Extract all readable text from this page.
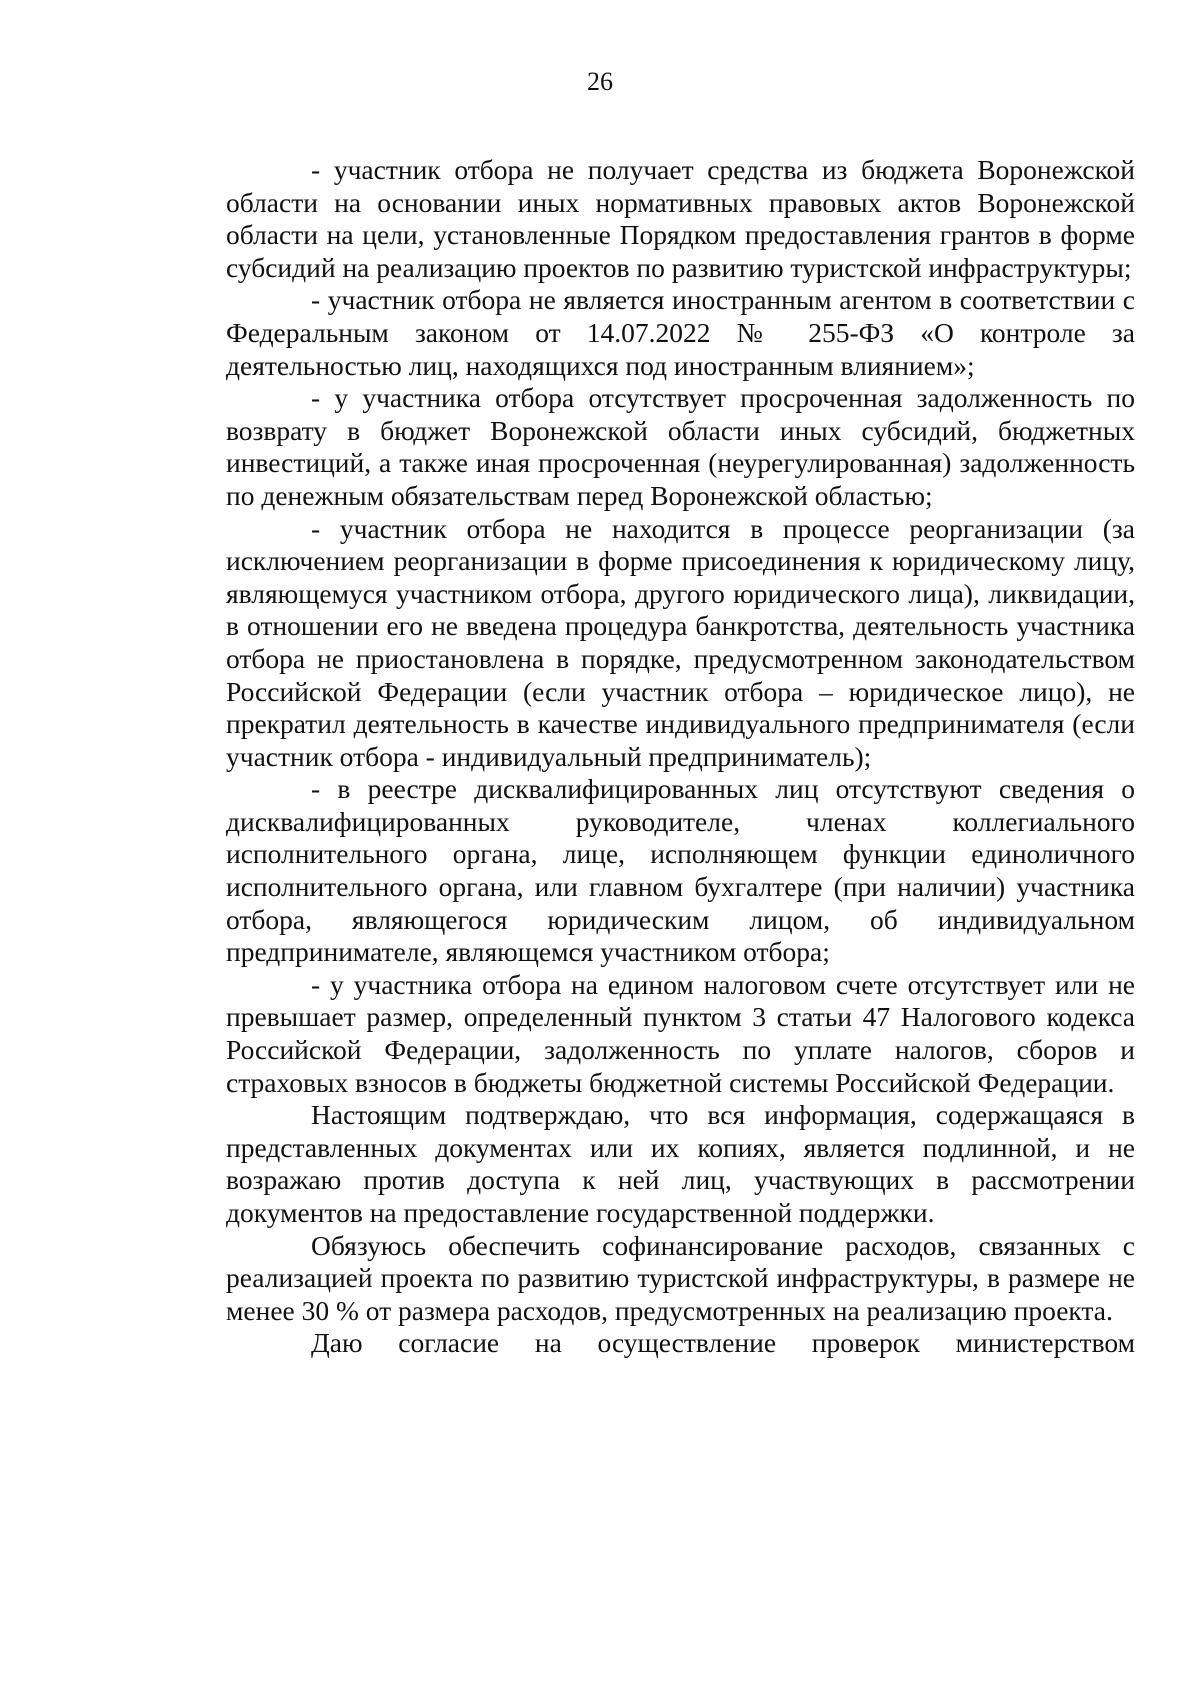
26

- участник отбора не получает средства из бюджета Воронежской области на основании иных нормативных правовых актов Воронежской области на цели, установленные Порядком предоставления грантов в форме субсидий на реализацию проектов по развитию туристской инфраструктуры;

- участник отбора не является иностранным агентом в соответствии с Федеральным законом от 14.07.2022 № 255-ФЗ «О контроле за деятельностью лиц, находящихся под иностранным влиянием»;

- у участника отбора отсутствует просроченная задолженность по возврату в бюджет Воронежской области иных субсидий, бюджетных инвестиций, а также иная просроченная (неурегулированная) задолженность по денежным обязательствам перед Воронежской областью;

- участник отбора не находится в процессе реорганизации (за исключением реорганизации в форме присоединения к юридическому лицу, являющемуся участником отбора, другого юридического лица), ликвидации, в отношении его не введена процедура банкротства, деятельность участника отбора не приостановлена в порядке, предусмотренном законодательством Российской Федерации (если участник отбора – юридическое лицо), не прекратил деятельность в качестве индивидуального предпринимателя (если участник отбора - индивидуальный предприниматель);

- в реестре дисквалифицированных лиц отсутствуют сведения о дисквалифицированных руководителе, членах коллегиального исполнительного органа, лице, исполняющем функции единоличного исполнительного органа, или главном бухгалтере (при наличии) участника отбора, являющегося юридическим лицом, об индивидуальном предпринимателе, являющемся участником отбора;

- у участника отбора на едином налоговом счете отсутствует или не превышает размер, определенный пунктом 3 статьи 47 Налогового кодекса Российской Федерации, задолженность по уплате налогов, сборов и страховых взносов в бюджеты бюджетной системы Российской Федерации.

Настоящим подтверждаю, что вся информация, содержащаяся в представленных документах или их копиях, является подлинной, и не возражаю против доступа к ней лиц, участвующих в рассмотрении документов на предоставление государственной поддержки.

Обязуюсь обеспечить софинансирование расходов, связанных с реализацией проекта по развитию туристской инфраструктуры, в размере не менее 30 % от размера расходов, предусмотренных на реализацию проекта.

Даю согласие на осуществление проверок министерством
